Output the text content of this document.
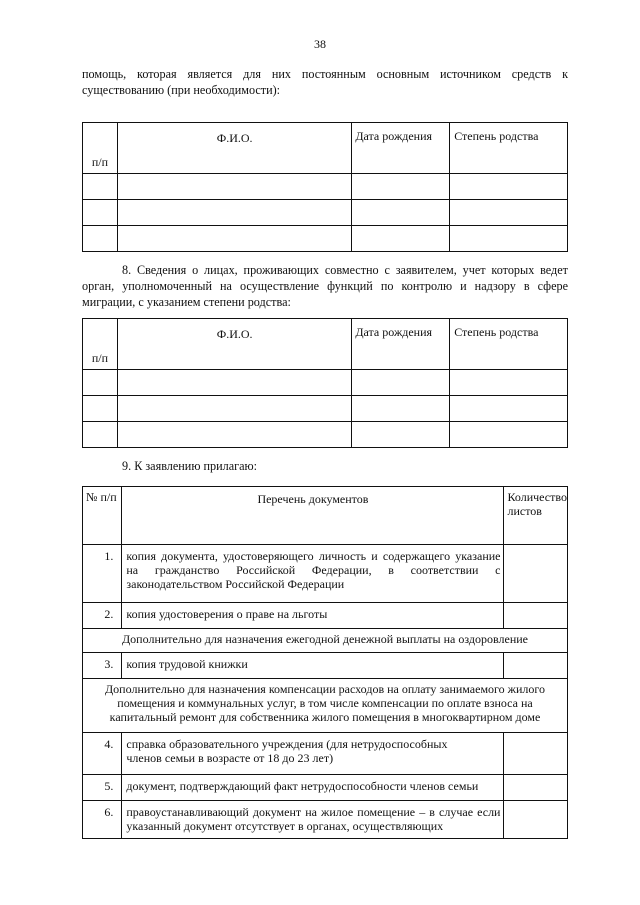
38

помощь, которая является для них постоянным основным источником средств к существованию (при необходимости):

п/п	Ф.И.О.	Дата рождения	Степень родства

8. Сведения о лицах, проживающих совместно с заявителем, учет которых ведет орган, уполномоченный на осуществление функций по контролю и надзору в сфере миграции, с указанием степени родства:

п/п	Ф.И.О.	Дата рождения	Степень родства

9. К заявлению прилагаю:

№ п/п	Перечень документов	Количество листов
1.	копия документа, удостоверяющего личность и содержащего указание на гражданство Российской Федерации, в соответствии с законодательством Российской Федерации	
2.	копия удостоверения о праве на льготы	
Дополнительно для назначения ежегодной денежной выплаты на оздоровление		
3.	копия трудовой книжки	
Дополнительно для назначения компенсации расходов на оплату занимаемого жилого помещения и коммунальных услуг, в том числе компенсации по оплате взноса на капитальный ремонт для собственника жилого помещения в многоквартирном доме		
4.	справка образовательного учреждения (для нетрудоспособных членов семьи в возрасте от 18 до 23 лет)	
5.	документ, подтверждающий факт нетрудоспособности членов семьи	
6.	правоустанавливающий документ на жилое помещение – в случае если указанный документ отсутствует в органах, осуществляющих	
